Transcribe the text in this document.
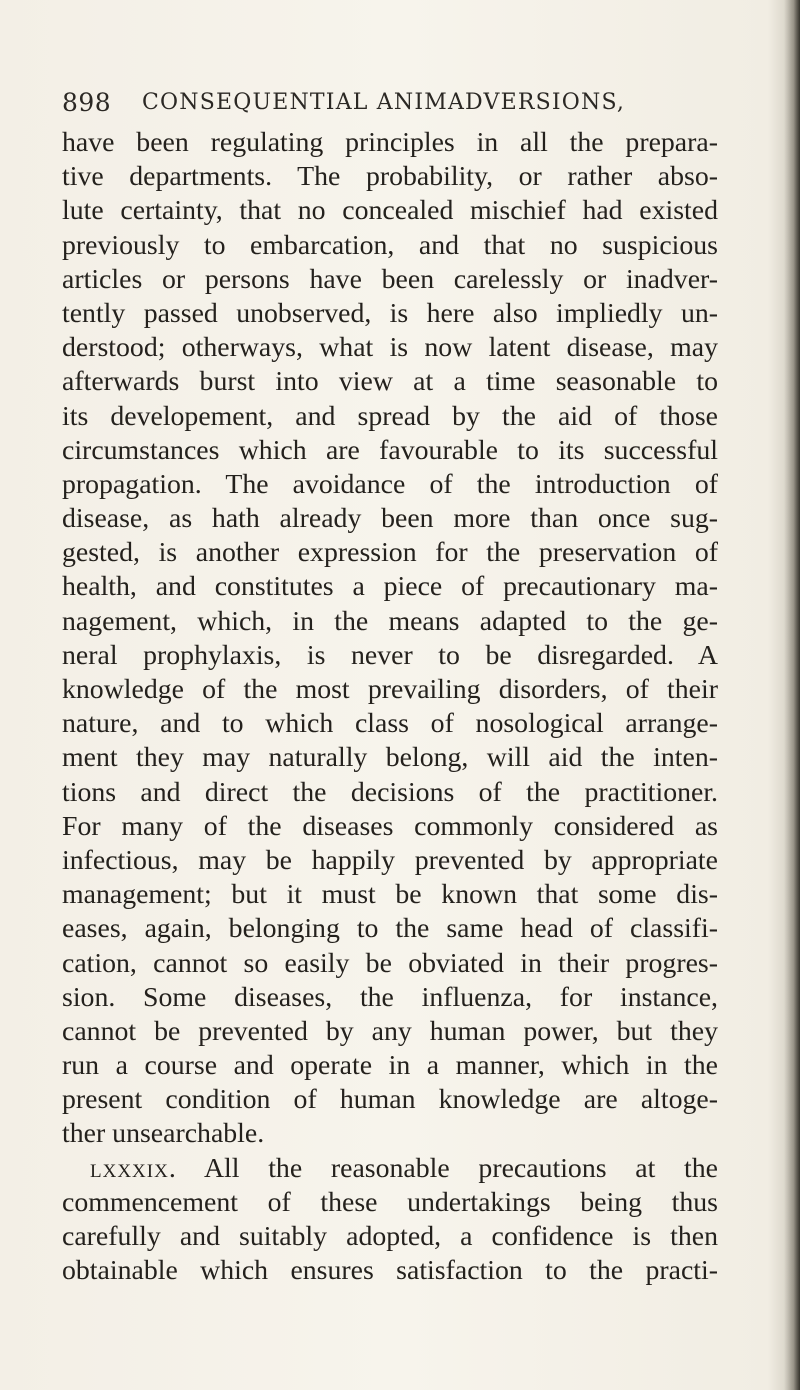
898 CONSEQUENTIAL ANIMADVERSIONS,
have been regulating principles in all the prepara-
tive departments. The probability, or rather abso-
lute certainty, that no concealed mischief had existed
previously to embarcation, and that no suspicious
articles or persons have been carelessly or inadver-
tently passed unobserved, is here also impliedly un-
derstood; otherways, what is now latent disease, may
afterwards burst into view at a time seasonable to
its developement, and spread by the aid of those
circumstances which are favourable to its successful
propagation. The avoidance of the introduction of
disease, as hath already been more than once sug-
gested, is another expression for the preservation of
health, and constitutes a piece of precautionary ma-
nagement, which, in the means adapted to the ge-
neral prophylaxis, is never to be disregarded. A
knowledge of the most prevailing disorders, of their
nature, and to which class of nosological arrange-
ment they may naturally belong, will aid the inten-
tions and direct the decisions of the practitioner.
For many of the diseases commonly considered as
infectious, may be happily prevented by appropriate
management; but it must be known that some dis-
eases, again, belonging to the same head of classifi-
cation, cannot so easily be obviated in their progres-
sion. Some diseases, the influenza, for instance,
cannot be prevented by any human power, but they
run a course and operate in a manner, which in the
present condition of human knowledge are altoge-
ther unsearchable.
lxxxix. All the reasonable precautions at the
commencement of these undertakings being thus
carefully and suitably adopted, a confidence is then
obtainable which ensures satisfaction to the practi-
